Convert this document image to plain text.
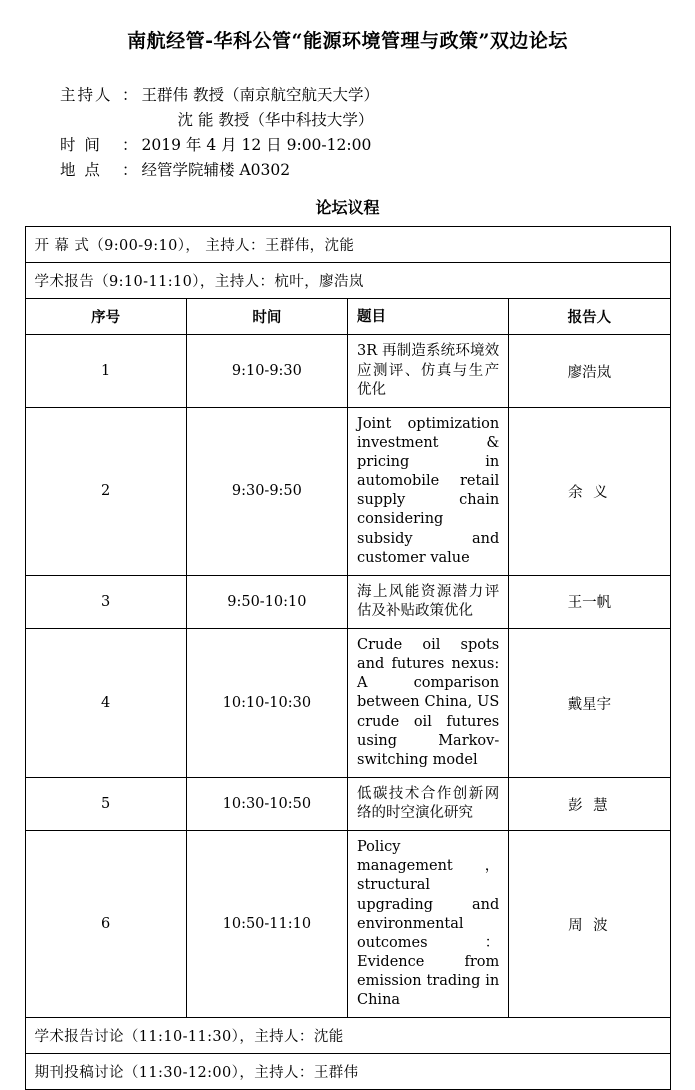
南航经管-华科公管“能源环境管理与政策”双边论坛
主持人 ： 王群伟 教授（南京航空航天大学）
沈 能 教授（华中科技大学）
时 间	： 2019 年 4 月 12 日 9:00-12:00
地 点	： 经管学院辅楼 A0302
论坛议程
开 幕 式（9:00-9:10）， 主持人：王群伟，沈能			
学术报告（9:10-11:10），主持人：杭叶，廖浩岚			
序号	时间	题目	报告人
1	9:10-9:30	3R 再制造系统环境效应测评、仿真与生产优化	廖浩岚
2	9:30-9:50	Joint optimization investment & pricing in automobile retail supply chain considering subsidy and customer value	余 义
3	9:50-10:10	海上风能资源潜力评估及补贴政策优化	王一帆
4	10:10-10:30	Crude oil spots and futures nexus: A comparison between China, US crude oil futures using Markov-switching model	戴星宇
5	10:30-10:50	低碳技术合作创新网络的时空演化研究	彭 慧
6	10:50-11:10	Policy management，structural upgrading and environmental outcomes：Evidence from emission trading in China	周 波
学术报告讨论（11:10-11:30），主持人：沈能			
期刊投稿讨论（11:30-12:00），主持人：王群伟			
